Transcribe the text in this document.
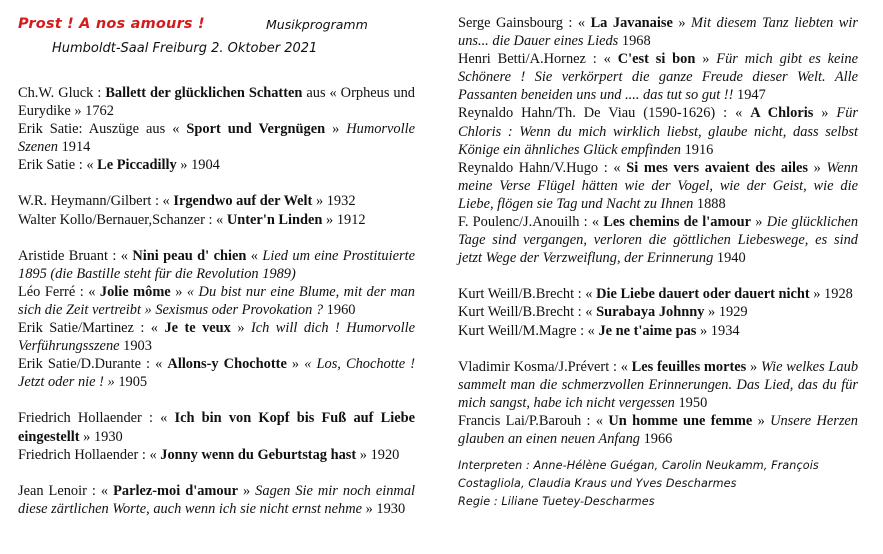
Prost ! A nos amours !	Musikprogramm
Humboldt-Saal Freiburg 2. Oktober 2021
Ch.W. Gluck : Ballett der glücklichen Schatten aus « Orpheus und Eurydike » 1762
Erik Satie: Auszüge aus « Sport und Vergnügen » Humorvolle Szenen 1914
Erik Satie : « Le Piccadilly » 1904
W.R. Heymann/Gilbert : « Irgendwo auf der Welt » 1932
Walter Kollo/Bernauer,Schanzer : « Unter'n Linden » 1912
Aristide Bruant : « Nini peau d' chien « Lied um eine Prostituierte 1895 (die Bastille steht für die Revolution 1989)
Léo Ferré : « Jolie môme » « Du bist nur eine Blume, mit der man sich die Zeit vertreibt » Sexismus oder Provokation ? 1960
Erik Satie/Martinez : « Je te veux » Ich will dich ! Humorvolle Verführungsszene 1903
Erik Satie/D.Durante : « Allons-y Chochotte » « Los, Chochotte ! Jetzt oder nie ! » 1905
Friedrich Hollaender : « Ich bin von Kopf bis Fuß auf Liebe eingestellt » 1930
Friedrich Hollaender : « Jonny wenn du Geburtstag hast » 1920
Jean Lenoir : « Parlez-moi d'amour » Sagen Sie mir noch einmal diese zärtlichen Worte, auch wenn ich sie nicht ernst nehme » 1930
Serge Gainsbourg : « La Javanaise » Mit diesem Tanz liebten wir uns... die Dauer eines Lieds 1968
Henri Betti/A.Hornez : « C'est si bon » Für mich gibt es keine Schönere ! Sie verkörpert die ganze Freude dieser Welt. Alle Passanten beneiden uns und .... das tut so gut !! 1947
Reynaldo Hahn/Th. De Viau (1590-1626) : « A Chloris » Für Chloris : Wenn du mich wirklich liebst, glaube nicht, dass selbst Könige ein ähnliches Glück empfinden 1916
Reynaldo Hahn/V.Hugo : « Si mes vers avaient des ailes » Wenn meine Verse Flügel hätten wie der Vogel, wie der Geist, wie die Liebe, flögen sie Tag und Nacht zu Ihnen 1888
F. Poulenc/J.Anouilh : « Les chemins de l'amour » Die glücklichen Tage sind vergangen, verloren die göttlichen Liebeswege, es sind jetzt Wege der Verzweiflung, der Erinnerung 1940
Kurt Weill/B.Brecht : « Die Liebe dauert oder dauert nicht » 1928
Kurt Weill/B.Brecht : « Surabaya Johnny » 1929
Kurt Weill/M.Magre : « Je ne t'aime pas » 1934
Vladimir Kosma/J.Prévert : « Les feuilles mortes » Wie welkes Laub sammelt man die schmerzvollen Erinnerungen. Das Lied, das du für mich sangst, habe ich nicht vergessen 1950
Francis Lai/P.Barouh : « Un homme une femme » Unsere Herzen glauben an einen neuen Anfang 1966
Interpreten : Anne-Hélène Guégan, Carolin Neukamm, François Costagliola, Claudia Kraus und Yves Descharmes
Regie : Liliane Tuetey-Descharmes
